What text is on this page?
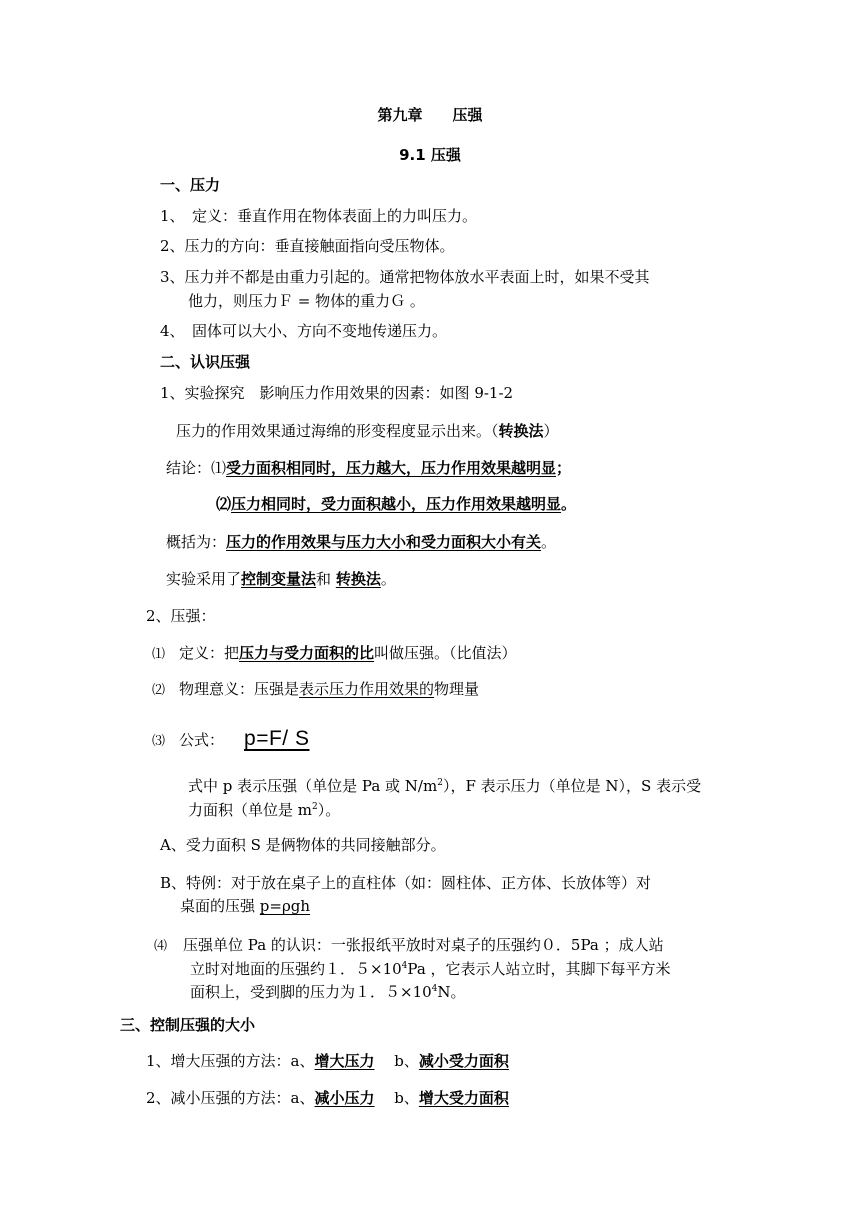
第九章　　压强
9.1 压强
一、压力
1、　定义：垂直作用在物体表面上的力叫压力。
2、压力的方向：垂直接触面指向受压物体。
3、压力并不都是由重力引起的。通常把物体放水平表面上时，如果不受其
他力，则压力Ｆ = 物体的重力Ｇ 。
4、　固体可以大小、方向不变地传递压力。
二、认识压强
1、实验探究　影响压力作用效果的因素：如图 9-1-2
压力的作用效果通过海绵的形变程度显示出来。（转换法）
结论：⑴受力面积相同时，压力越大，压力作用效果越明显；
⑵压力相同时，受力面积越小，压力作用效果越明显。
概括为：压力的作用效果与压力大小和受力面积大小有关。
实验采用了控制变量法和 转换法。
2、压强：
⑴ 定义：把压力与受力面积的比叫做压强。（比值法）
⑵ 物理意义：压强是表示压力作用效果的物理量
⑶ 公式： p=F/ S
式中 p 表示压强（单位是 Pa 或 $N/m^2$），F 表示压力（单位是 N），S 表示受
力面积（单位是 $m^2$）。
A、受力面积 S 是俩物体的共同接触部分。
B、特例：对于放在桌子上的直柱体（如：圆柱体、正方体、长放体等）对
桌面的压强 p=ρgh
⑷ 压强单位 Pa 的认识：一张报纸平放时对桌子的压强约０．5Pa ；成人站
立时对地面的压强约１．$5\times 10^4Pa$ ，它表示人站立时，其脚下每平方米
面积上，受到脚的压力为１．$5\times 10^4N$。
三、控制压强的大小
1、增大压强的方法：a、增大压力　 b、减小受力面积
2、减小压强的方法：a、减小压力　 b、增大受力面积
